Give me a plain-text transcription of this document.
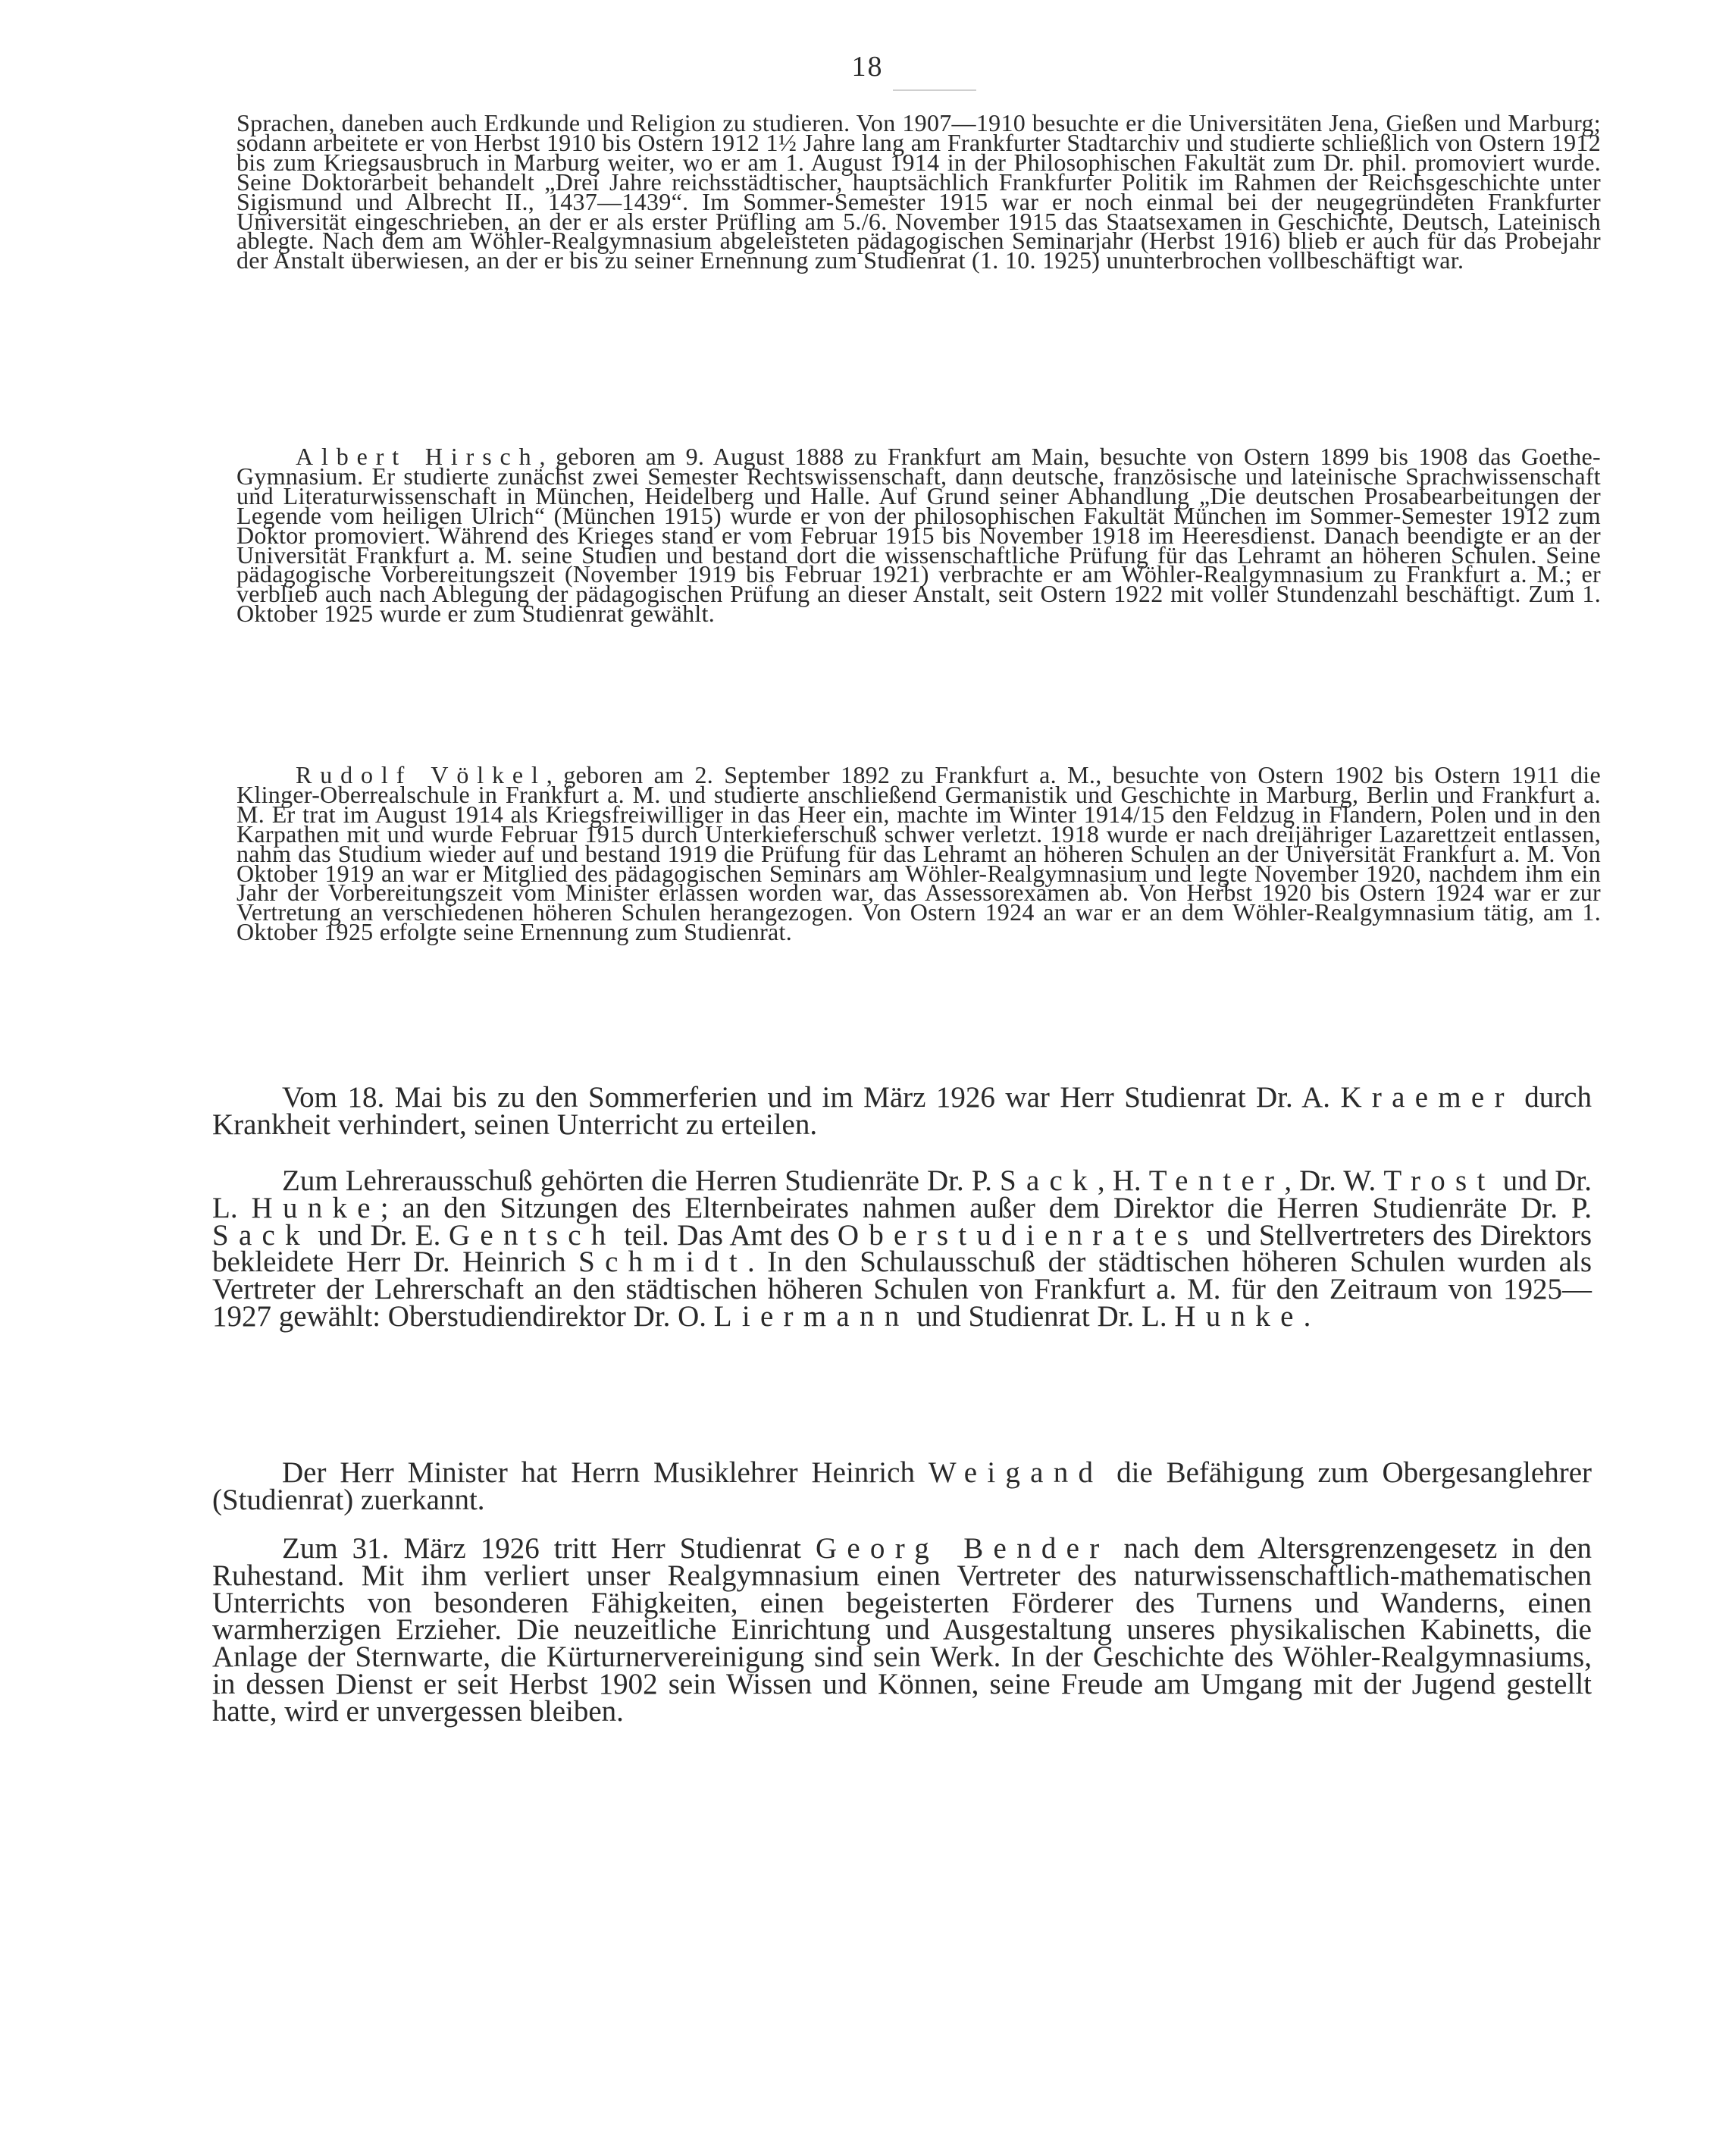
18

Sprachen, daneben auch Erdkunde und Religion zu studieren. Von 1907—1910 besuchte er die Universitäten Jena, Gießen und Marburg; sodann arbeitete er von Herbst 1910 bis Ostern 1912 1½ Jahre lang am Frankfurter Stadtarchiv und studierte schließlich von Ostern 1912 bis zum Kriegsausbruch in Marburg weiter, wo er am 1. August 1914 in der Philosophischen Fakultät zum Dr. phil. promoviert wurde. Seine Doktorarbeit behandelt „Drei Jahre reichsstädtischer, hauptsächlich Frankfurter Politik im Rahmen der Reichsgeschichte unter Sigismund und Albrecht II., 1437—1439“. Im Sommer-Semester 1915 war er noch einmal bei der neugegründeten Frankfurter Universität eingeschrieben, an der er als erster Prüfling am 5./6. November 1915 das Staatsexamen in Geschichte, Deutsch, Lateinisch ablegte. Nach dem am Wöhler-Realgymnasium abgeleisteten pädagogischen Seminarjahr (Herbst 1916) blieb er auch für das Probejahr der Anstalt überwiesen, an der er bis zu seiner Ernennung zum Studienrat (1. 10. 1925) ununterbrochen vollbeschäftigt war.

Albert Hirsch, geboren am 9. August 1888 zu Frankfurt am Main, besuchte von Ostern 1899 bis 1908 das Goethe-Gymnasium. Er studierte zunächst zwei Semester Rechtswissenschaft, dann deutsche, französische und lateinische Sprachwissenschaft und Literaturwissenschaft in München, Heidelberg und Halle. Auf Grund seiner Abhandlung „Die deutschen Prosabearbeitungen der Legende vom heiligen Ulrich“ (München 1915) wurde er von der philosophischen Fakultät München im Sommer-Semester 1912 zum Doktor promoviert. Während des Krieges stand er vom Februar 1915 bis November 1918 im Heeresdienst. Danach beendigte er an der Universität Frankfurt a. M. seine Studien und bestand dort die wissenschaftliche Prüfung für das Lehramt an höheren Schulen. Seine pädagogische Vorbereitungszeit (November 1919 bis Februar 1921) verbrachte er am Wöhler-Realgymnasium zu Frankfurt a. M.; er verblieb auch nach Ablegung der pädagogischen Prüfung an dieser Anstalt, seit Ostern 1922 mit voller Stundenzahl beschäftigt. Zum 1. Oktober 1925 wurde er zum Studienrat gewählt.

Rudolf Völkel, geboren am 2. September 1892 zu Frankfurt a. M., besuchte von Ostern 1902 bis Ostern 1911 die Klinger-Oberrealschule in Frankfurt a. M. und studierte anschließend Germanistik und Geschichte in Marburg, Berlin und Frankfurt a. M. Er trat im August 1914 als Kriegsfreiwilliger in das Heer ein, machte im Winter 1914/15 den Feldzug in Flandern, Polen und in den Karpathen mit und wurde Februar 1915 durch Unterkieferschuß schwer verletzt. 1918 wurde er nach dreijähriger Lazarettzeit entlassen, nahm das Studium wieder auf und bestand 1919 die Prüfung für das Lehramt an höheren Schulen an der Universität Frankfurt a. M. Von Oktober 1919 an war er Mitglied des pädagogischen Seminars am Wöhler-Realgymnasium und legte November 1920, nachdem ihm ein Jahr der Vorbereitungszeit vom Minister erlassen worden war, das Assessorexamen ab. Von Herbst 1920 bis Ostern 1924 war er zur Vertretung an verschiedenen höheren Schulen herangezogen. Von Ostern 1924 an war er an dem Wöhler-Realgymnasium tätig, am 1. Oktober 1925 erfolgte seine Ernennung zum Studienrat.

Vom 18. Mai bis zu den Sommerferien und im März 1926 war Herr Studienrat Dr. A. Kraemer durch Krankheit verhindert, seinen Unterricht zu erteilen.

Zum Lehrerausschuß gehörten die Herren Studienräte Dr. P. Sack, H. Tenter, Dr. W. Trost und Dr. L. Hunke; an den Sitzungen des Elternbeirates nahmen außer dem Direktor die Herren Studienräte Dr. P. Sack und Dr. E. Gentsch teil. Das Amt des Oberstudienrates und Stellvertreters des Direktors bekleidete Herr Dr. Heinrich Schmidt. In den Schulausschuß der städtischen höheren Schulen wurden als Vertreter der Lehrerschaft an den städtischen höheren Schulen von Frankfurt a. M. für den Zeitraum von 1925—1927 gewählt: Oberstudiendirektor Dr. O. Liermann und Studienrat Dr. L. Hunke.

Der Herr Minister hat Herrn Musiklehrer Heinrich Weigand die Befähigung zum Obergesanglehrer (Studienrat) zuerkannt.

Zum 31. März 1926 tritt Herr Studienrat Georg Bender nach dem Altersgrenzengesetz in den Ruhestand. Mit ihm verliert unser Realgymnasium einen Vertreter des naturwissenschaftlich-mathematischen Unterrichts von besonderen Fähigkeiten, einen begeisterten Förderer des Turnens und Wanderns, einen warmherzigen Erzieher. Die neuzeitliche Einrichtung und Ausgestaltung unseres physikalischen Kabinetts, die Anlage der Sternwarte, die Kürturnervereinigung sind sein Werk. In der Geschichte des Wöhler-Realgymnasiums, in dessen Dienst er seit Herbst 1902 sein Wissen und Können, seine Freude am Umgang mit der Jugend gestellt hatte, wird er unvergessen bleiben.
